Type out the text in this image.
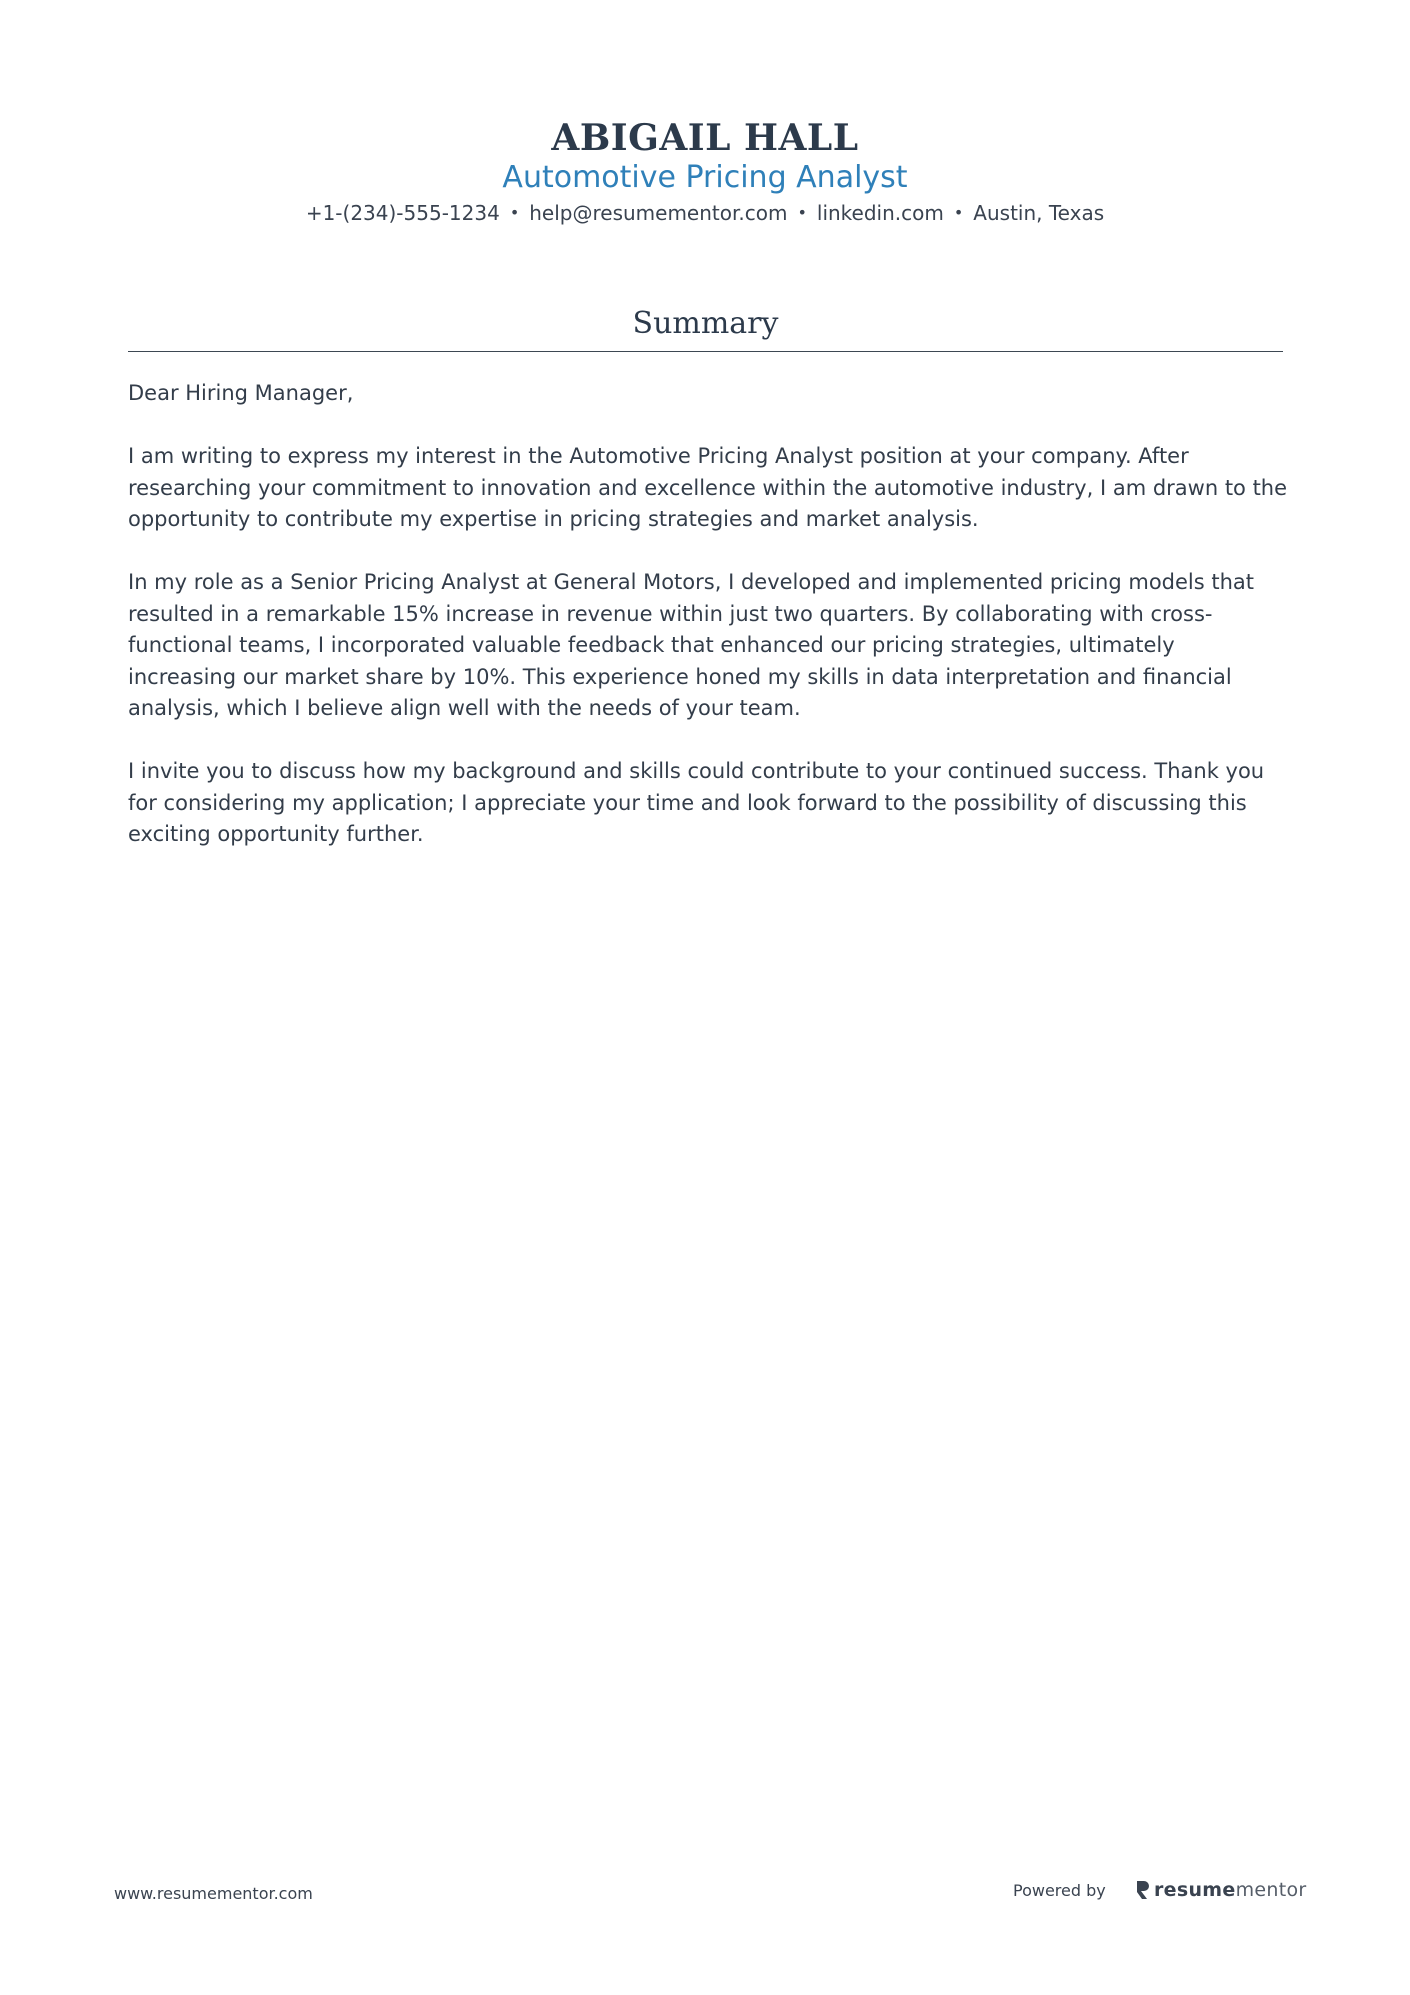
ABIGAIL HALL
Automotive Pricing Analyst
+1-(234)-555-1234 • help@resumementor.com • linkedin.com • Austin, Texas
Summary

Dear Hiring Manager,

I am writing to express my interest in the Automotive Pricing Analyst position at your company. After researching your commitment to innovation and excellence within the automotive industry, I am drawn to the opportunity to contribute my expertise in pricing strategies and market analysis.

In my role as a Senior Pricing Analyst at General Motors, I developed and implemented pricing models that resulted in a remarkable 15% increase in revenue within just two quarters. By collaborating with cross-functional teams, I incorporated valuable feedback that enhanced our pricing strategies, ultimately increasing our market share by 10%. This experience honed my skills in data interpretation and financial analysis, which I believe align well with the needs of your team.

I invite you to discuss how my background and skills could contribute to your continued success. Thank you for considering my application; I appreciate your time and look forward to the possibility of discussing this exciting opportunity further.

www.resumementor.com	Powered by	resumementor
